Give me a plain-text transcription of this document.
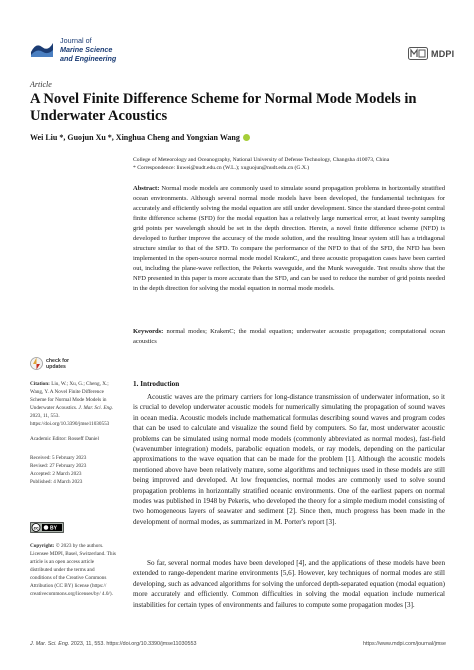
Journal of
Marine Science
and Engineering	MDPI
Article
A Novel Finite Difference Scheme for Normal Mode Models in Underwater Acoustics
Wei Liu *, Guojun Xu *, Xinghua Cheng and Yongxian Wang
College of Meteorology and Oceanography, National University of Defense Technology, Changsha 410073, China
* Correspondence: liuwei@nudt.edu.cn (W.L.); xuguojun@nudt.edu.cn (G.X.)
Abstract: Normal mode models are commonly used to simulate sound propagation problems in horizontally stratified ocean environments. Although several normal mode models have been developed, the fundamental techniques for accurately and efficiently solving the modal equation are still under development. Since the standard three-point central finite difference scheme (SFD) for the modal equation has a relatively large numerical error, at least twenty sampling grid points per wavelength should be set in the depth direction. Herein, a novel finite difference scheme (NFD) is developed to further improve the accuracy of the mode solution, and the resulting linear system still has a tridiagonal structure similar to that of the SFD. To compare the performance of the NFD to that of the SFD, the NFD has been implemented in the open-source normal mode model KrakenC, and three acoustic propagation cases have been carried out, including the plane-wave reflection, the Pekeris waveguide, and the Munk waveguide. Test results show that the NFD presented in this paper is more accurate than the SFD, and can be used to reduce the number of grid points needed in the depth direction for solving the modal equation in normal mode models.
Keywords: normal modes; KrakenC; the modal equation; underwater acoustic propagation; computational ocean acoustics
check for
updates
Citation: Liu, W.; Xu, G.; Cheng, X.; Wang, Y. A Novel Finite Difference Scheme for Normal Mode Models in Underwater Acoustics. J. Mar. Sci. Eng. 2023, 11, 553. https://doi.org/10.3390/jmse11030553
Academic Editor: Rosseff Daniel
Received: 5 February 2023
Revised: 27 February 2023
Accepted: 2 March 2023
Published: 4 March 2023
cc BY
Copyright: © 2023 by the authors. Licensee MDPI, Basel, Switzerland. This article is an open access article distributed under the terms and conditions of the Creative Commons Attribution (CC BY) license (https:// creativecommons.org/licenses/by/ 4.0/).
1. Introduction
Acoustic waves are the primary carriers for long-distance transmission of underwater information, so it is crucial to develop underwater acoustic models for numerically simulating the propagation of sound waves in ocean media. Acoustic models include mathematical formulas describing sound waves and program codes that can be used to calculate and visualize the sound field by computers. So far, most underwater acoustic problems can be simulated using normal mode models (commonly abbreviated as normal modes), fast-field (wavenumber integration) models, parabolic equation models, or ray models, depending on the particular approximations to the wave equation that can be made for the problem [1]. Although the acoustic models mentioned above have been relatively mature, some algorithms and techniques used in these models are still being improved and developed. At low frequencies, normal modes are commonly used to solve sound propagation problems in horizontally stratified oceanic environments. One of the earliest papers on normal modes was published in 1948 by Pekeris, who developed the theory for a simple medium model consisting of two homogeneous layers of seawater and sediment [2]. Since then, much progress has been made in the development of normal modes, as summarized in M. Porter's report [3].
So far, several normal modes have been developed [4], and the applications of these models have been extended to range-dependent marine environments [5,6]. However, key techniques of normal modes are still developing, such as advanced algorithms for solving the unforced depth-separated equation (modal equation) more accurately and efficiently. Common difficulties in solving the modal equation include numerical instabilities for certain types of environments and failures to compute some propagation modes [3].
J. Mar. Sci. Eng. 2023, 11, 553. https://doi.org/10.3390/jmse11030553	https://www.mdpi.com/journal/jmse
